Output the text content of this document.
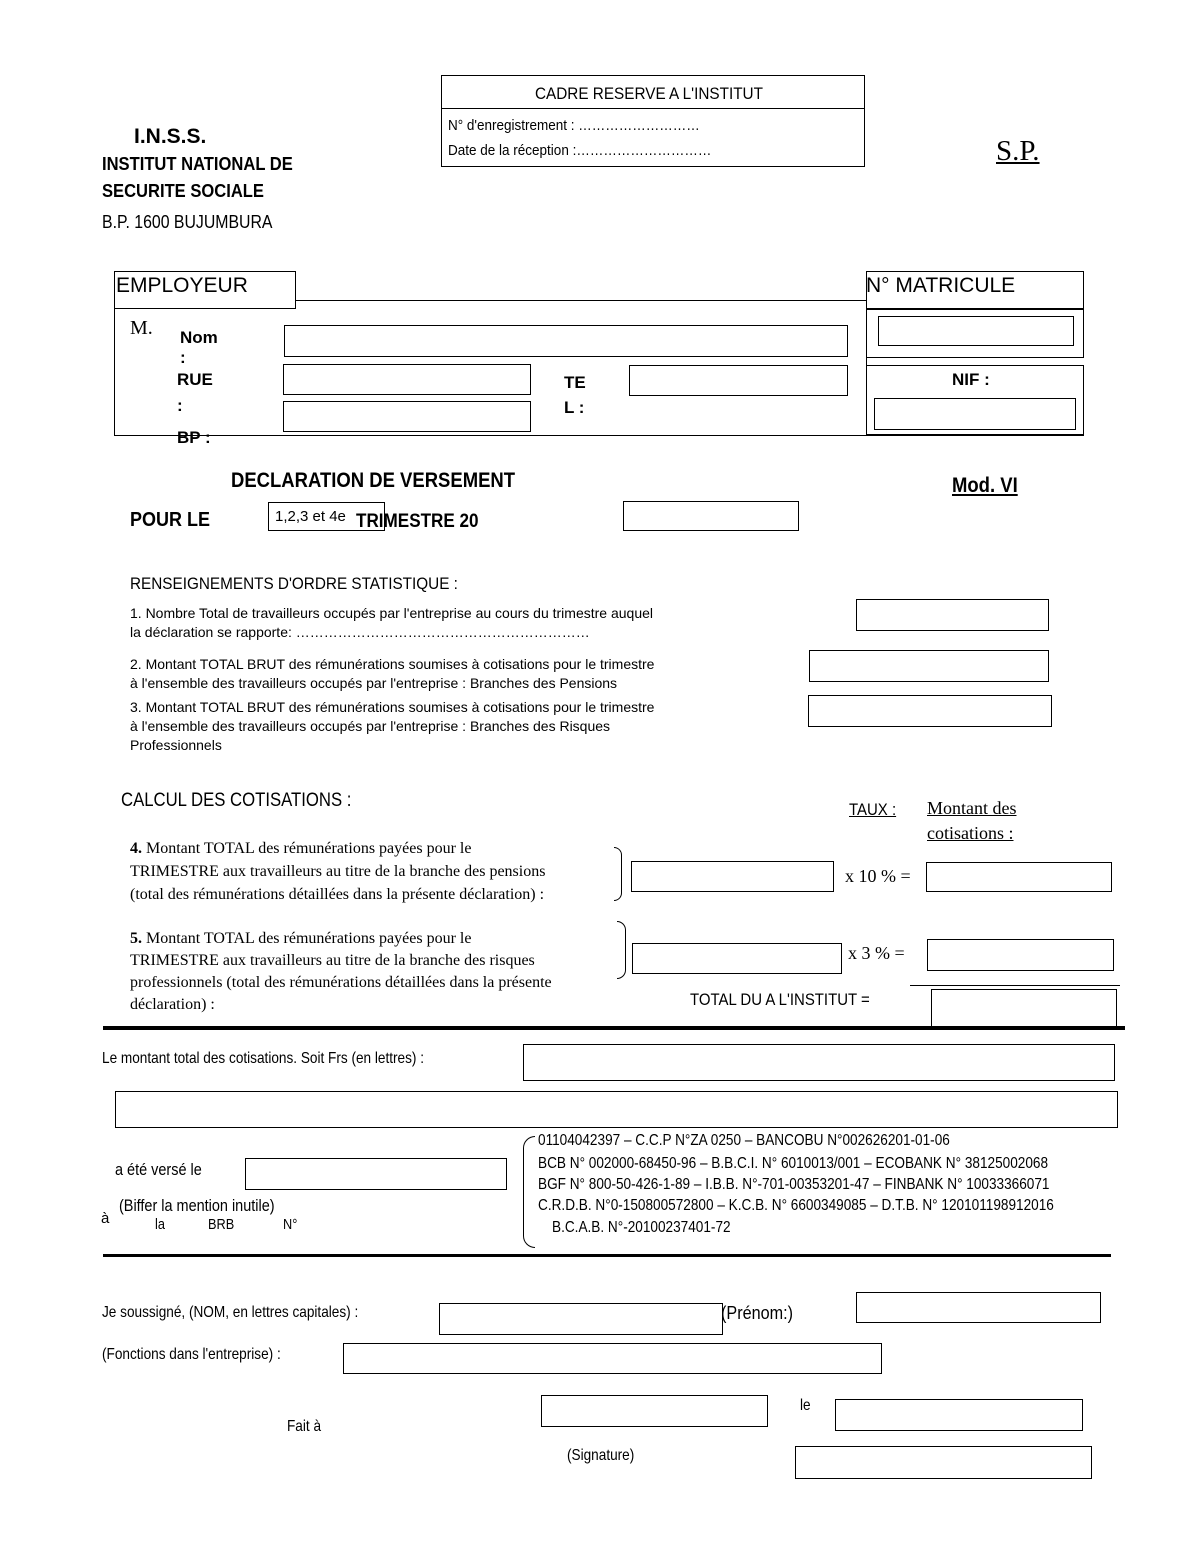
I.N.S.S.
INSTITUT NATIONAL DE
SECURITE SOCIALE
B.P. 1600 BUJUMBURA
CADRE RESERVE A L'INSTITUT
N° d'enregistrement : ………………………
Date de la réception :…………………………	S.P.
EMPLOYEUR	N° MATRICULE
M. Nom
:
RUE
:
BP :
TE
L :
NIF :
DECLARATION DE VERSEMENT	Mod. VI
POUR LE	TRIMESTRE 20
1,2,3 et 4e
RENSEIGNEMENTS D'ORDRE STATISTIQUE :
1. Nombre Total de travailleurs occupés par l'entreprise au cours du trimestre auquel
la déclaration se rapporte: ………………………………………………………
2. Montant TOTAL BRUT des rémunérations soumises à cotisations pour le trimestre
à l'ensemble des travailleurs occupés par l'entreprise : Branches des Pensions
3. Montant TOTAL BRUT des rémunérations soumises à cotisations pour le trimestre
à l'ensemble des travailleurs occupés par l'entreprise : Branches des Risques
Professionnels
CALCUL DES COTISATIONS :	TAUX : Montant des
cotisations :
4. Montant TOTAL des rémunérations payées pour le
TRIMESTRE aux travailleurs au titre de la branche des pensions
(total des rémunérations détaillées dans la présente déclaration) :
x 10 % =
5. Montant TOTAL des rémunérations payées pour le
TRIMESTRE aux travailleurs au titre de la branche des risques
professionnels (total des rémunérations détaillées dans la présente
déclaration) :
x 3 % =
TOTAL DU A L'INSTITUT =
Le montant total des cotisations. Soit Frs (en lettres) :
a été versé le
à
(Biffer la mention inutile)
la	BRB	N°
01104042397 – C.C.P N°ZA 0250 – BANCOBU N°002626201-01-06
BCB N° 002000-68450-96 – B.B.C.I. N° 6010013/001 – ECOBANK N° 38125002068
BGF N° 800-50-426-1-89 – I.B.B. N°-701-00353201-47 – FINBANK N° 10033366071
C.R.D.B. N°0-150800572800 – K.C.B. N° 6600349085 – D.T.B. N° 120101198912016
B.C.A.B. N°-20100237401-72
Je soussigné, (NOM, en lettres capitales) :	(Prénom:)
(Fonctions dans l'entreprise) :
Fait à
le
(Signature)
